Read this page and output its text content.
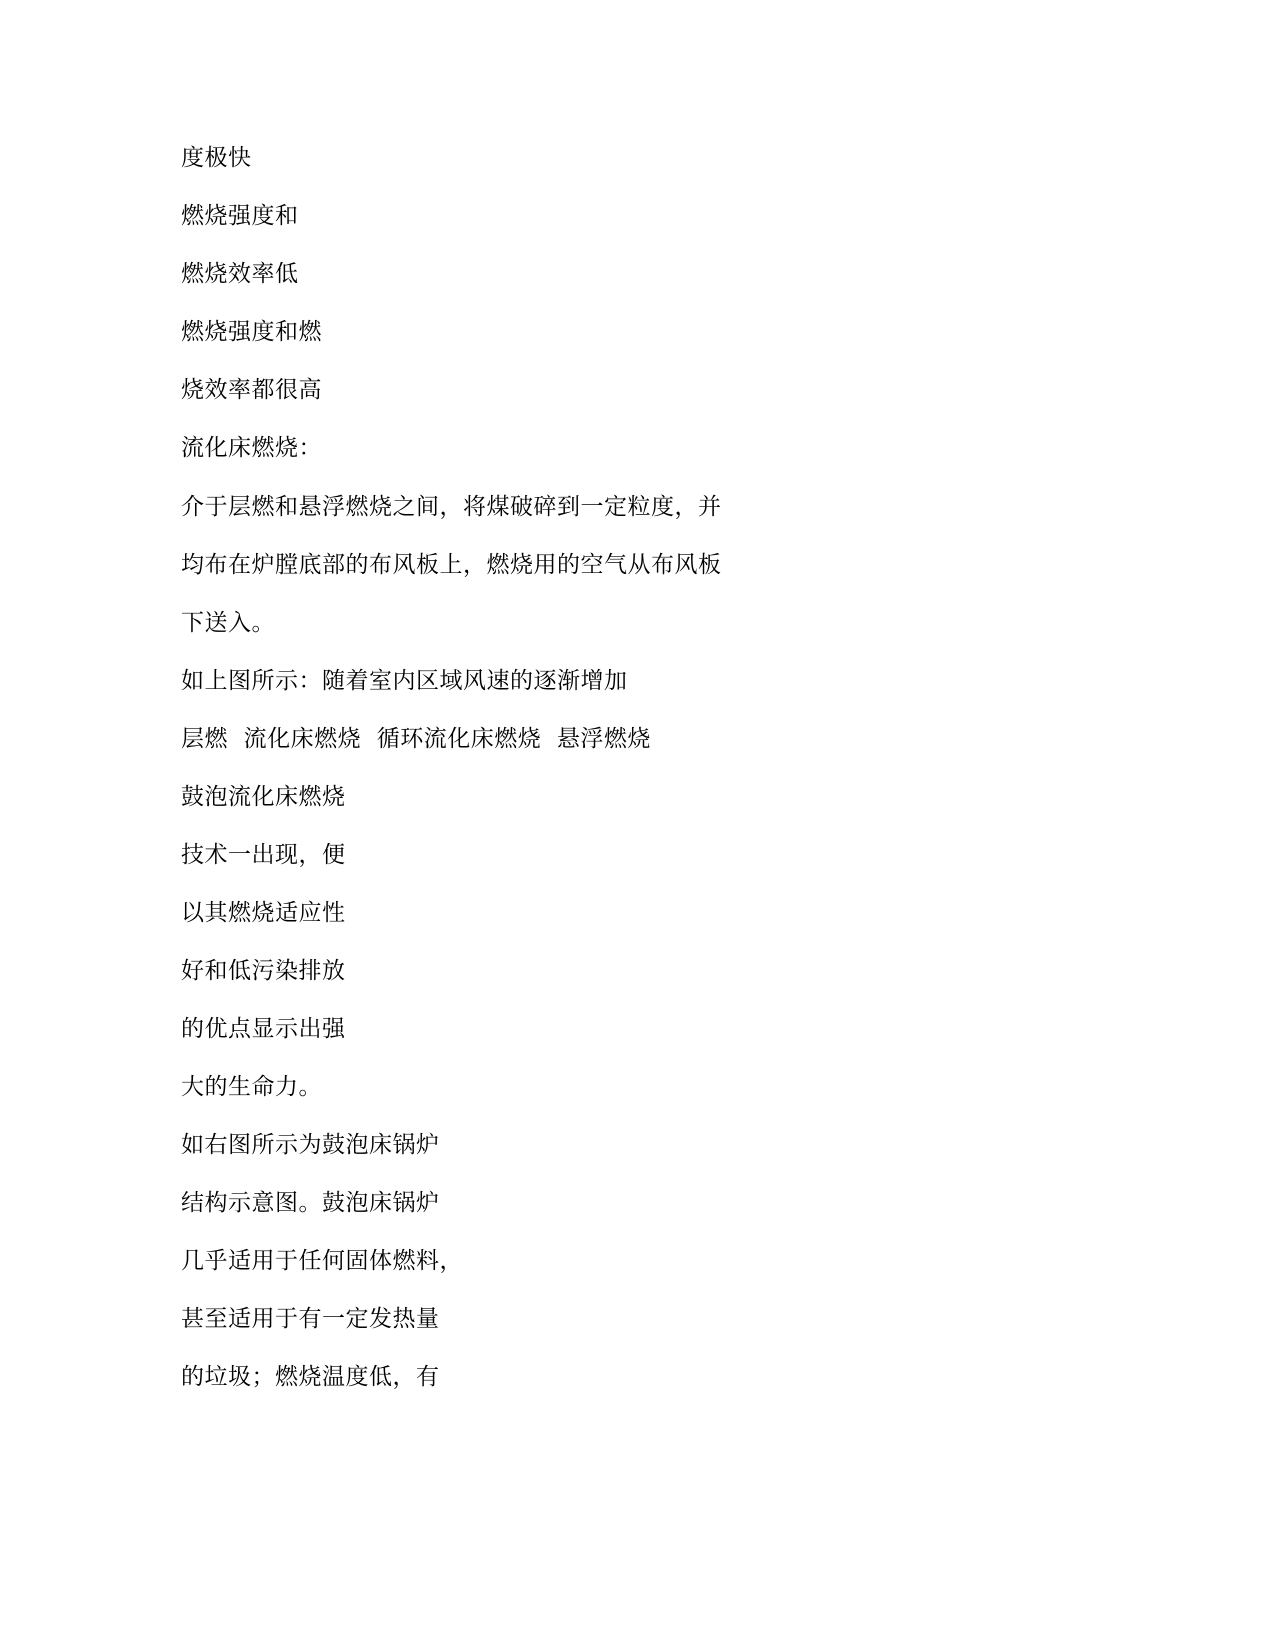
度极快
燃烧强度和
燃烧效率低
燃烧强度和燃
烧效率都很高
流化床燃烧：
介于层燃和悬浮燃烧之间，将煤破碎到一定粒度，并
均布在炉膛底部的布风板上，燃烧用的空气从布风板
下送入。
如上图所示：随着室内区域风速的逐渐增加
层燃  流化床燃烧  循环流化床燃烧  悬浮燃烧
鼓泡流化床燃烧
技术一出现，便
以其燃烧适应性
好和低污染排放
的优点显示出强
大的生命力。
如右图所示为鼓泡床锅炉
结构示意图。鼓泡床锅炉
几乎适用于任何固体燃料，
甚至适用于有一定发热量
的垃圾；燃烧温度低，有
